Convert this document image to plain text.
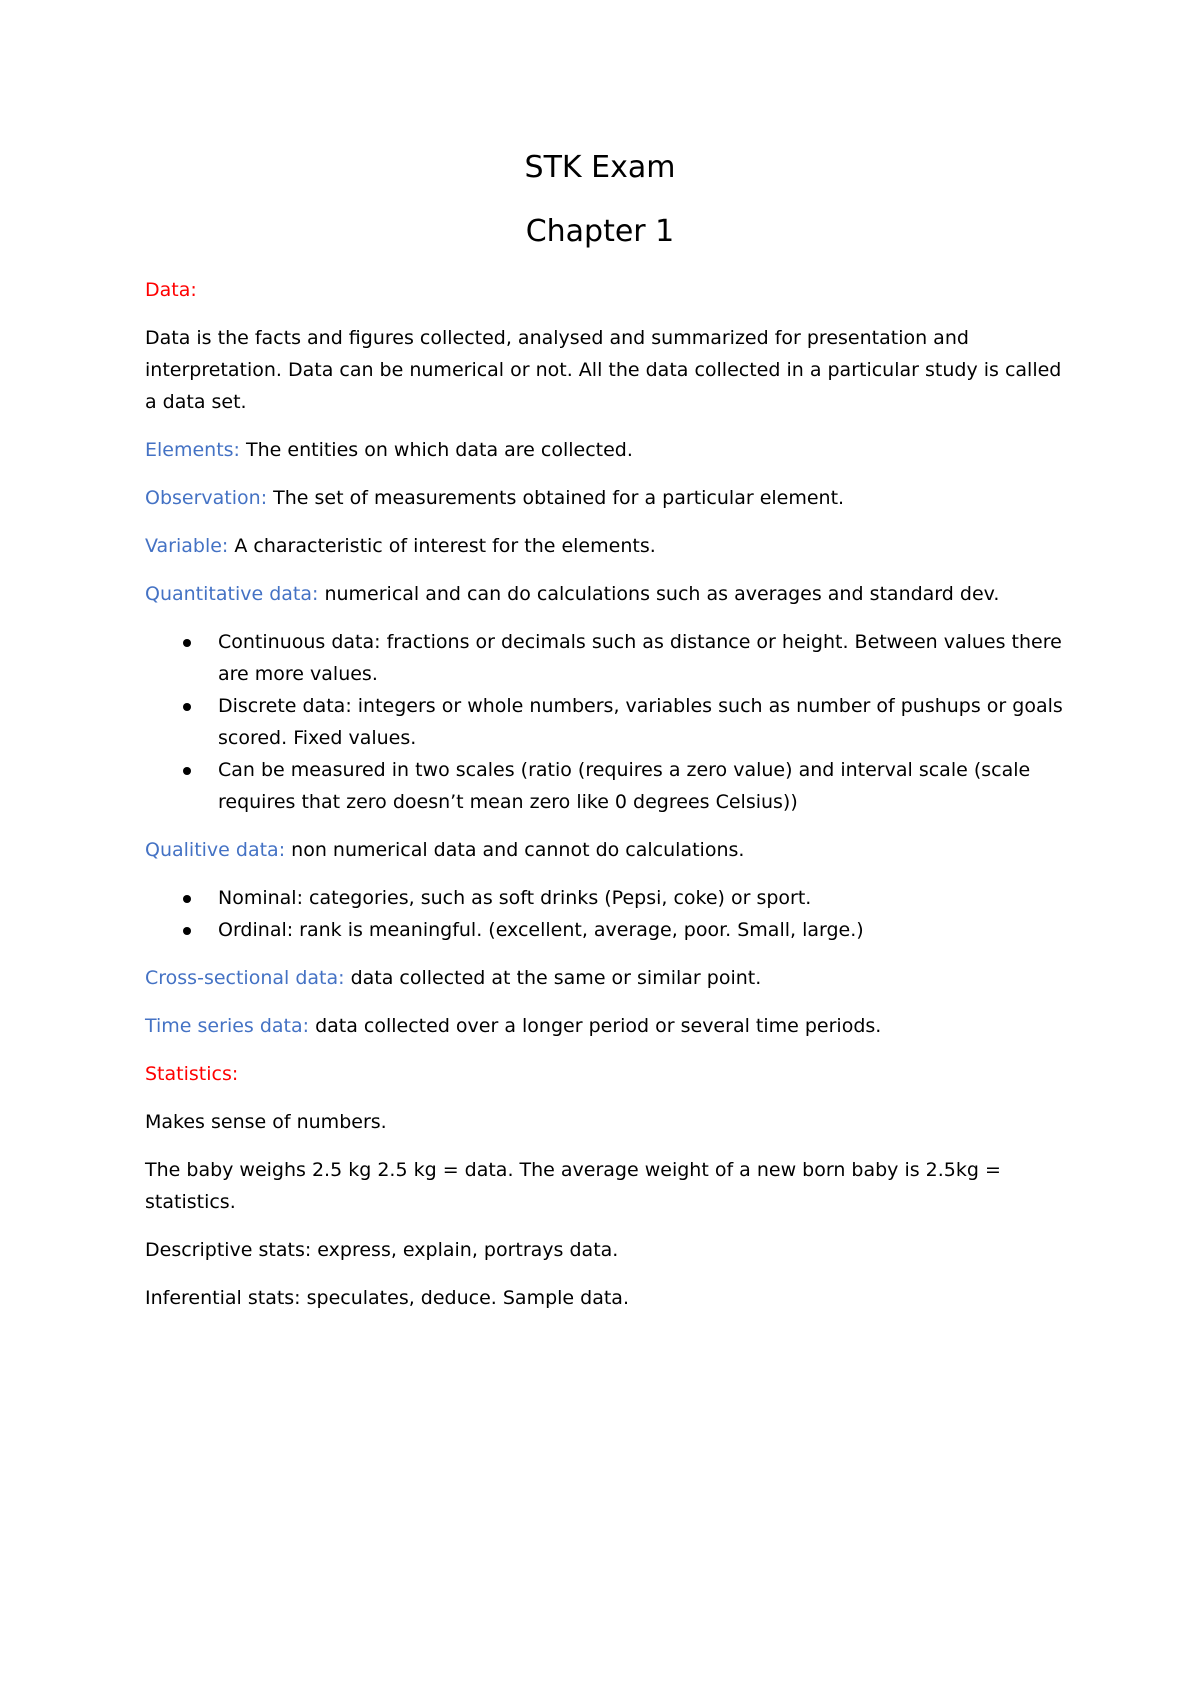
STK Exam
Chapter 1

Data:

Data is the facts and figures collected, analysed and summarized for presentation and interpretation. Data can be numerical or not. All the data collected in a particular study is called a data set.

Elements: The entities on which data are collected.

Observation: The set of measurements obtained for a particular element.

Variable: A characteristic of interest for the elements.

Quantitative data: numerical and can do calculations such as averages and standard dev.

Continuous data: fractions or decimals such as distance or height. Between values there are more values.
Discrete data: integers or whole numbers, variables such as number of pushups or goals scored. Fixed values.
Can be measured in two scales (ratio (requires a zero value) and interval scale (scale requires that zero doesn’t mean zero like 0 degrees Celsius))

Qualitive data: non numerical data and cannot do calculations.

Nominal: categories, such as soft drinks (Pepsi, coke) or sport.
Ordinal: rank is meaningful. (excellent, average, poor. Small, large.)

Cross-sectional data: data collected at the same or similar point.

Time series data: data collected over a longer period or several time periods.

Statistics:

Makes sense of numbers.

The baby weighs 2.5 kg 2.5 kg = data. The average weight of a new born baby is 2.5kg = statistics.

Descriptive stats: express, explain, portrays data.

Inferential stats: speculates, deduce. Sample data.
